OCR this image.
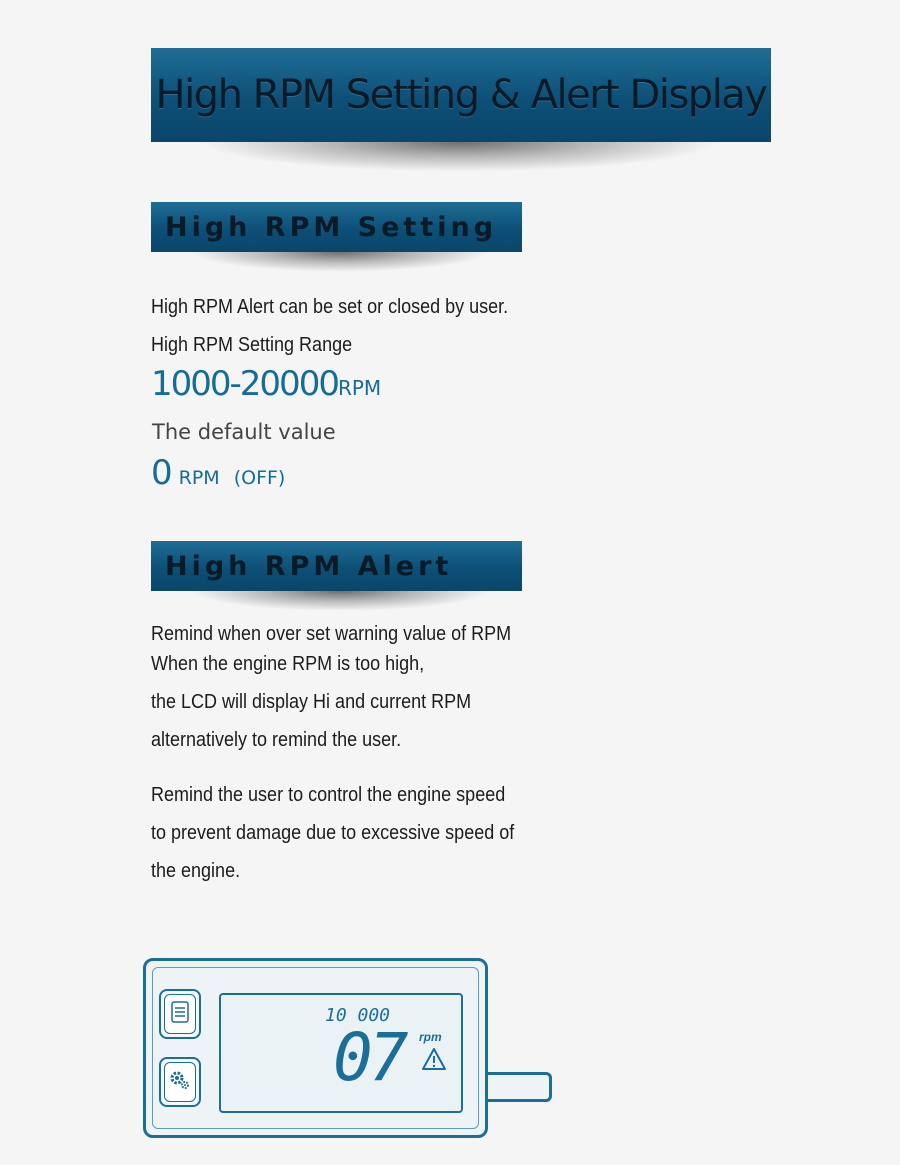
High RPM Setting & Alert Display
High RPM Setting
High RPM Alert can be set or closed by user.
High RPM Setting Range
1000-20000RPM
The default value
0 RPM (OFF)
High RPM Alert
Remind when over set warning value of RPM
When the engine RPM is too high,
the LCD will display Hi and current RPM
alternatively to remind the user.
Remind the user to control the engine speed
to prevent damage due to excessive speed of
the engine.
10 000
07 rpm
